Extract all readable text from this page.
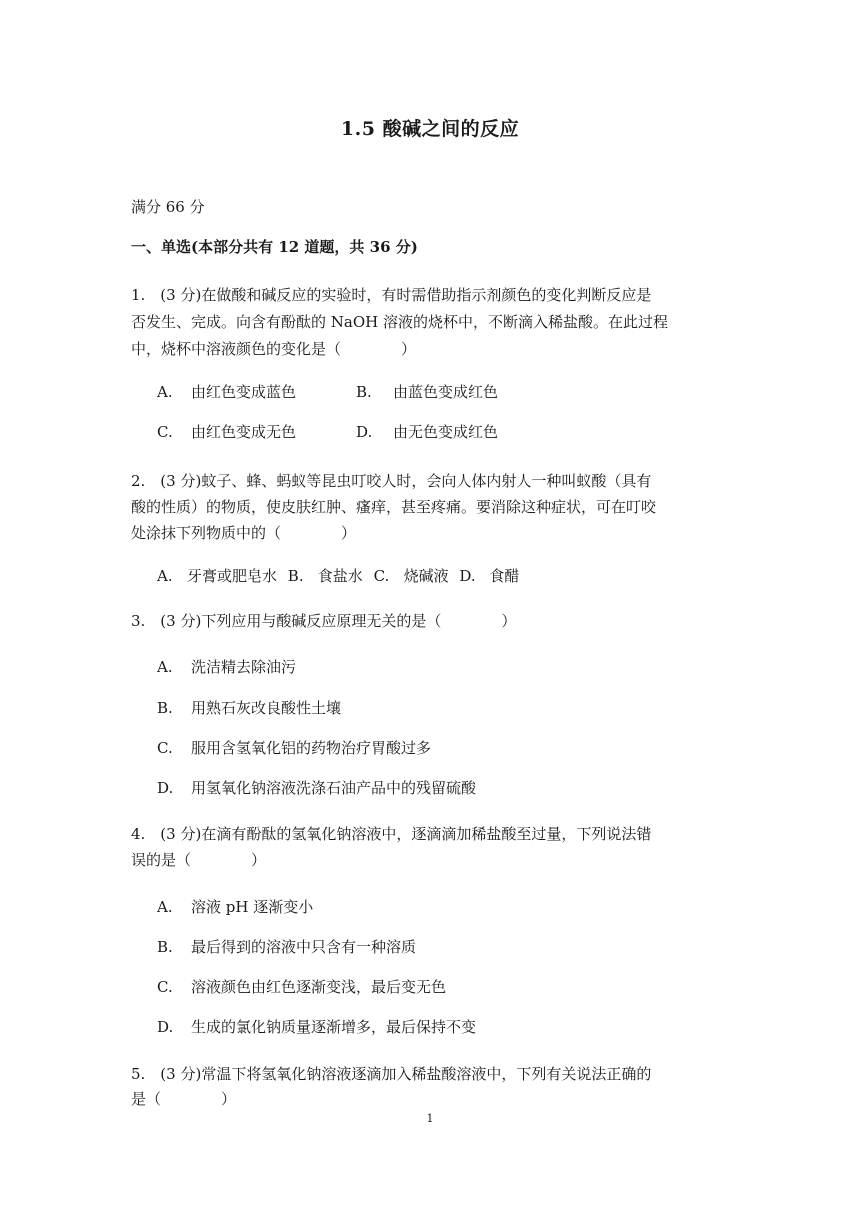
1.5 酸碱之间的反应
满分 66 分
一、单选(本部分共有 12 道题，共 36 分)
1.　(3 分)在做酸和碱反应的实验时，有时需借助指示剂颜色的变化判断反应是
否发生、完成。向含有酚酞的 NaOH 溶液的烧杯中，不断滴入稀盐酸。在此过程
中，烧杯中溶液颜色的变化是（　　　　）
A. 由红色变成蓝色	B. 由蓝色变成红色
C. 由红色变成无色	D. 由无色变成红色
2.　(3 分)蚊子、蜂、蚂蚁等昆虫叮咬人时，会向人体内射人一种叫蚁酸（具有
酸的性质）的物质，使皮肤红肿、瘙痒，甚至疼痛。要消除这种症状，可在叮咬
处涂抹下列物质中的（　　　　）
A. 牙膏或肥皂水 B. 食盐水 C. 烧碱液 D. 食醋
3.　(3 分)下列应用与酸碱反应原理无关的是（　　　　）
A. 洗洁精去除油污
B. 用熟石灰改良酸性土壤
C. 服用含氢氧化铝的药物治疗胃酸过多
D. 用氢氧化钠溶液洗涤石油产品中的残留硫酸
4.　(3 分)在滴有酚酞的氢氧化钠溶液中，逐滴滴加稀盐酸至过量，下列说法错
误的是（　　　　）
A. 溶液 pH 逐渐变小
B. 最后得到的溶液中只含有一种溶质
C. 溶液颜色由红色逐渐变浅，最后变无色
D. 生成的氯化钠质量逐渐增多，最后保持不变
5.　(3 分)常温下将氢氧化钠溶液逐滴加入稀盐酸溶液中，下列有关说法正确的
是（　　　　）
1
